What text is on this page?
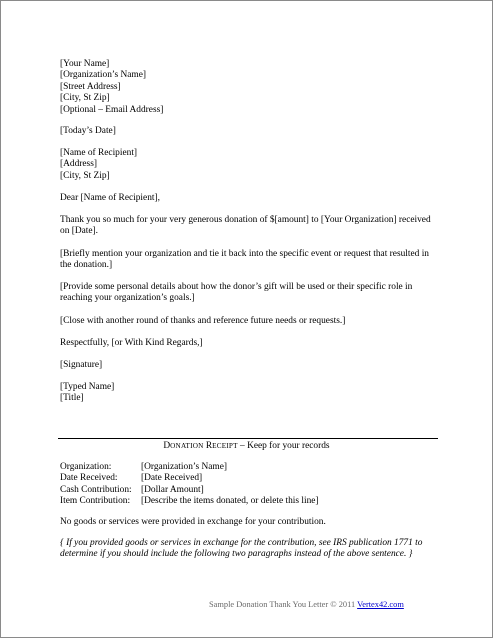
[Your Name]
[Organization’s Name]
[Street Address]
[City, St Zip]
[Optional – Email Address]
[Today’s Date]
[Name of Recipient]
[Address]
[City, St Zip]
Dear [Name of Recipient],
Thank you so much for your very generous donation of $[amount] to [Your Organization] received on [Date].
[Briefly mention your organization and tie it back into the specific event or request that resulted in the donation.]
[Provide some personal details about how the donor’s gift will be used or their specific role in reaching your organization’s goals.]
[Close with another round of thanks and reference future needs or requests.]
Respectfully, [or With Kind Regards,]
[Signature]
[Typed Name]
[Title]
DONATION RECEIPT – Keep for your records
Organization:	[Organization’s Name]
Date Received:	[Date Received]
Cash Contribution:	[Dollar Amount]
Item Contribution:	[Describe the items donated, or delete this line]
No goods or services were provided in exchange for your contribution.
{ If you provided goods or services in exchange for the contribution, see IRS publication 1771 to determine if you should include the following two paragraphs instead of the above sentence. }
Sample Donation Thank You Letter © 2011 Vertex42.com
